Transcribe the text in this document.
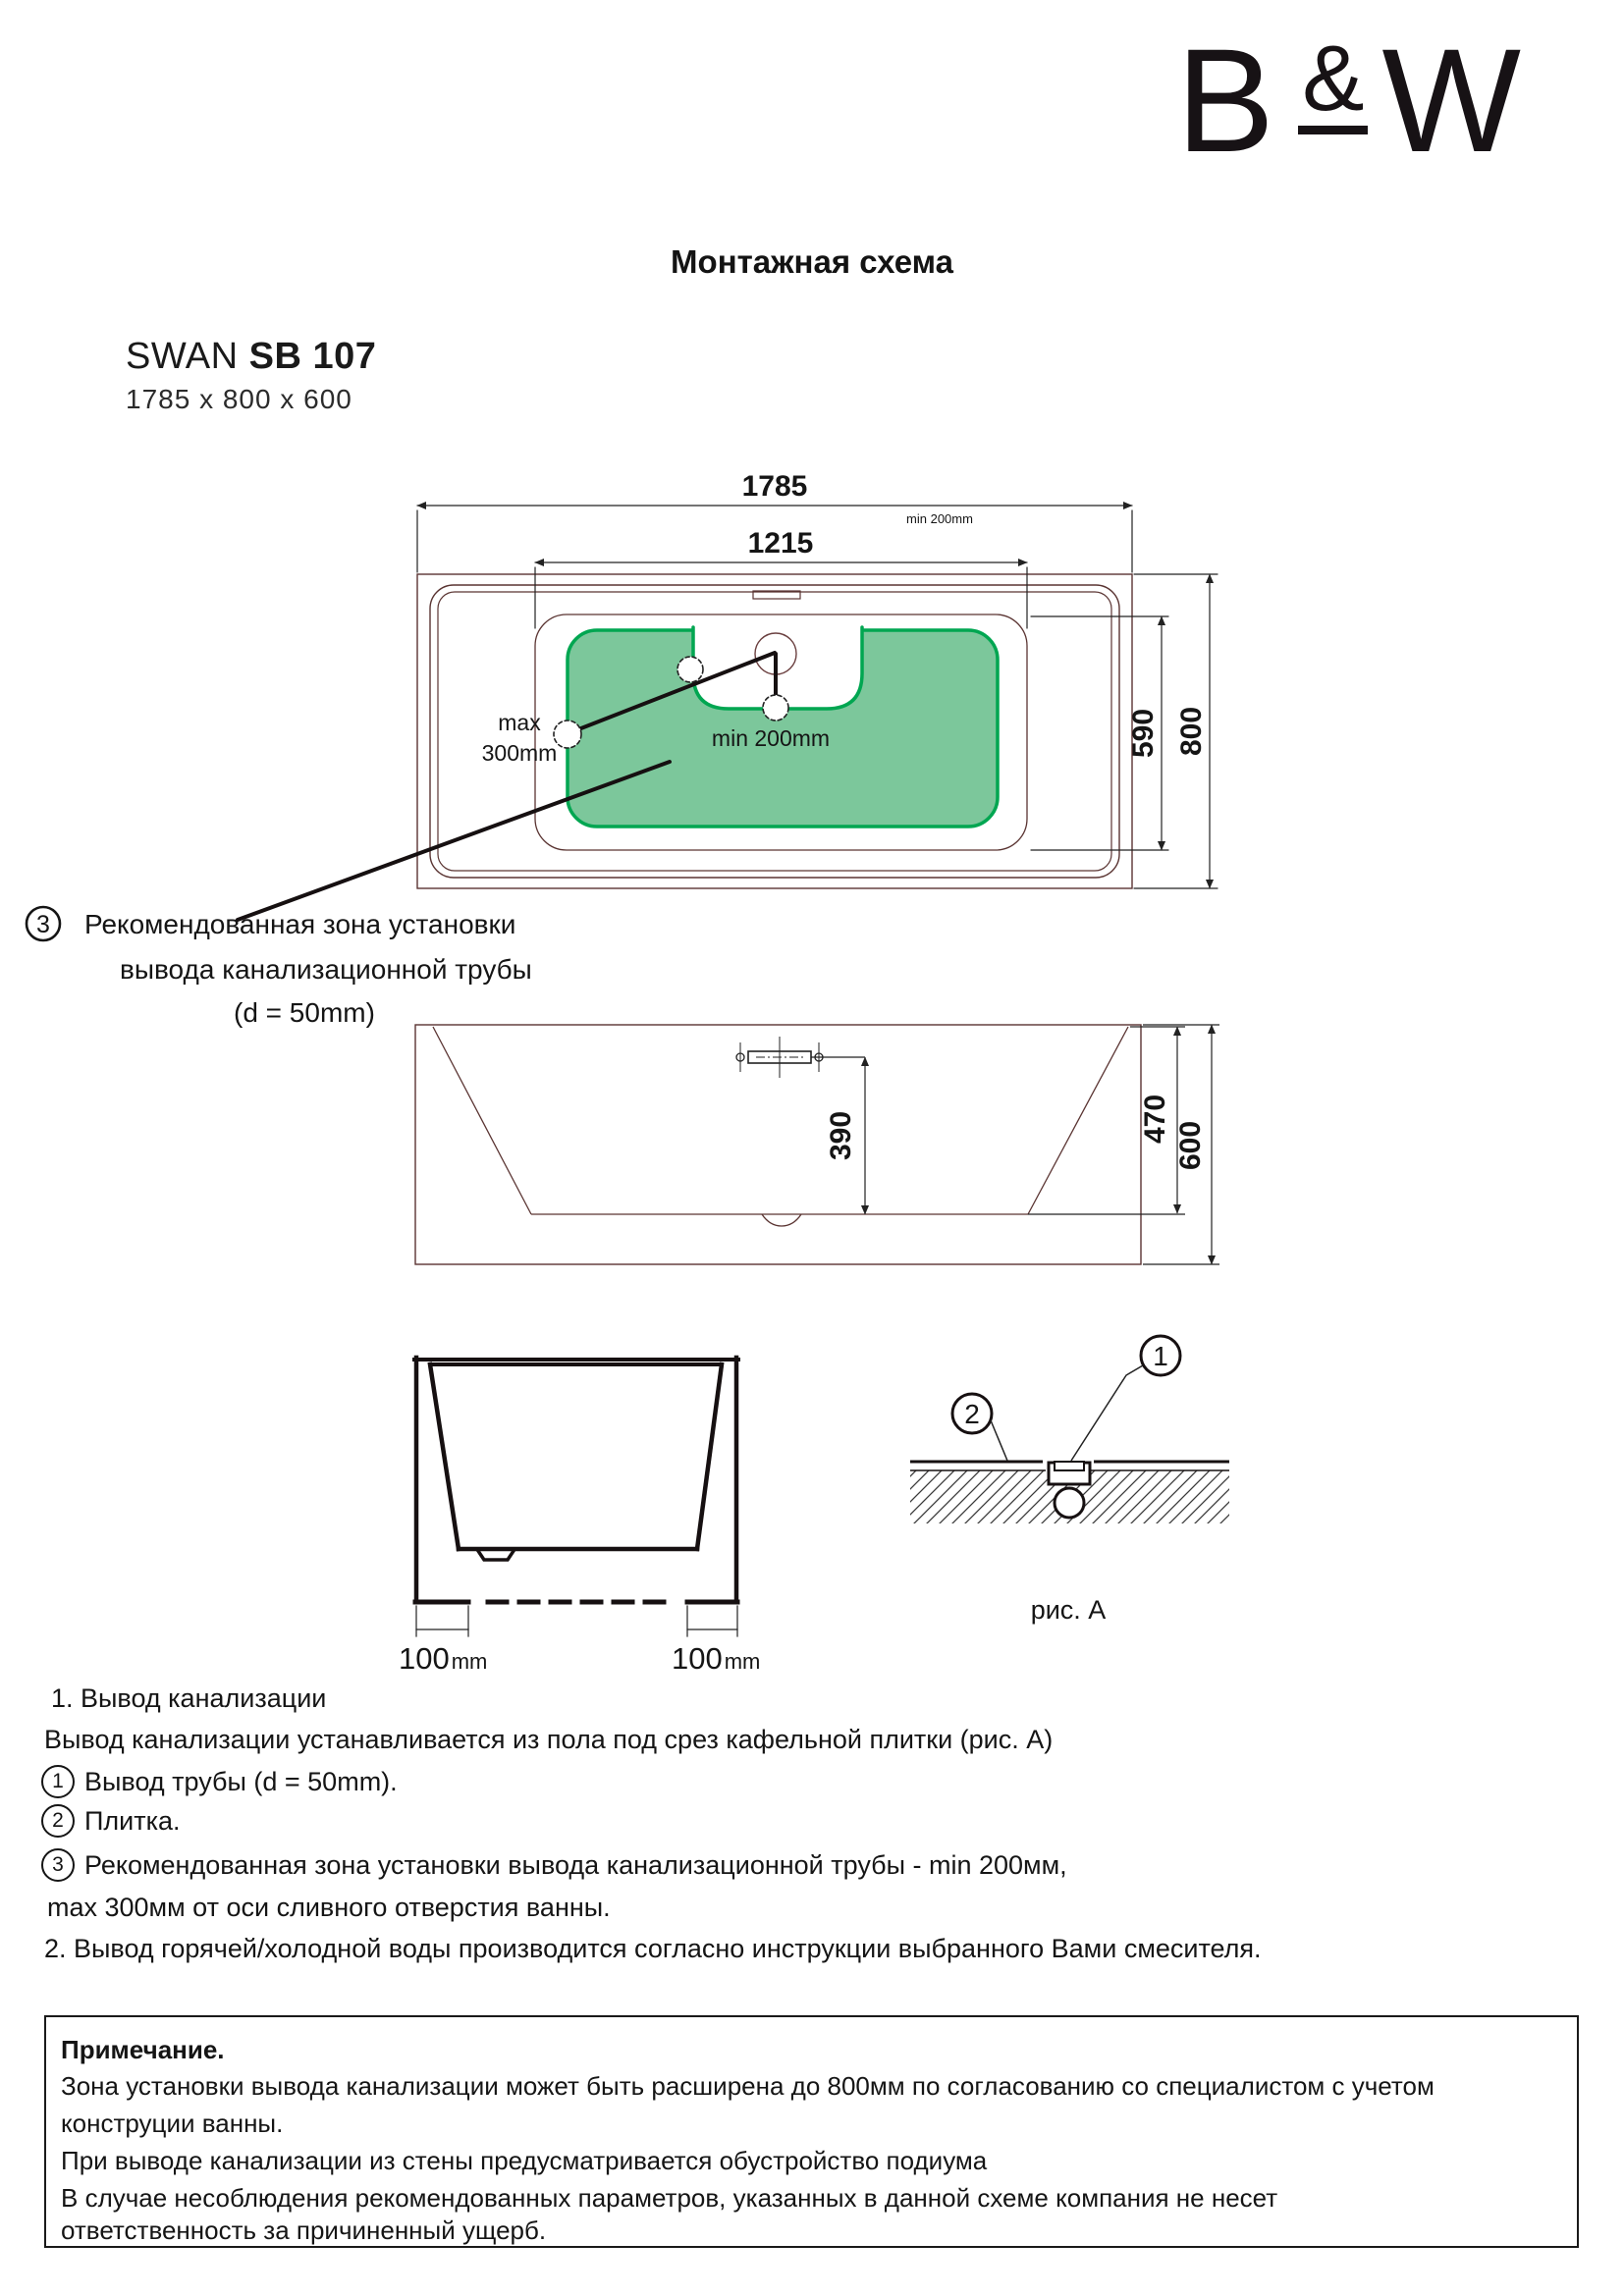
B & W
Монтажная схема
SWAN SB 107
1785 x 800 x 600
1785
1215
min 200mm
590 800
min 200mm
max
300mm
3 Рекомендованная зона установки
вывода канализационной трубы
(d = 50mm)
390	470
600
100mm	100mm
1
2
рис. А
1. Вывод канализации
Вывод канализации устанавливается из пола под срез кафельной плитки (рис. А)
1 Вывод трубы (d = 50mm).
2 Плитка.
3 Рекомендованная зона установки вывода канализационной трубы - min 200мм,
max 300мм от оси сливного отверстия ванны.
2. Вывод горячей/холодной воды производится согласно инструкции выбранного Вами смесителя.
Примечание.
Зона установки вывода канализации может быть расширена до 800мм по согласованию со специалистом с учетом
конструции ванны.
При выводе канализации из стены предусматривается обустройство подиума
В случае несоблюдения рекомендованных параметров, указанных в данной схеме компания не несет
ответственность за причиненный ущерб.
